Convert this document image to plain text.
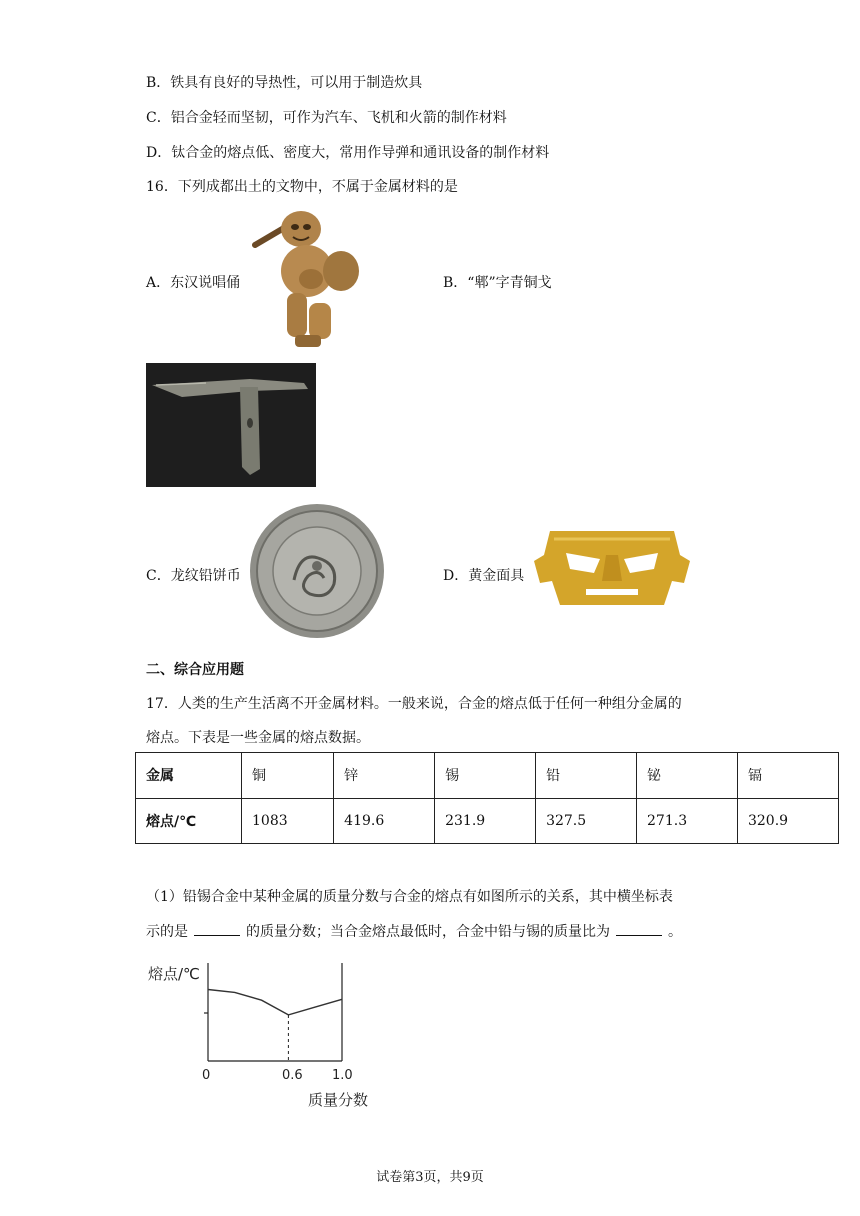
B．铁具有良好的导热性，可以用于制造炊具
C．铝合金轻而坚韧，可作为汽车、飞机和火箭的制作材料
D．钛合金的熔点低、密度大，常用作导弹和通讯设备的制作材料
16．下列成都出土的文物中，不属于金属材料的是
A．东汉说唱俑	B．“郫”字青铜戈
C．龙纹铅饼币	D．黄金面具
二、综合应用题
17．人类的生产生活离不开金属材料。一般来说，合金的熔点低于任何一种组分金属的
熔点。下表是一些金属的熔点数据。
金属	铜	锌	锡	铅	铋	镉
熔点/℃	1083	419.6	231.9	327.5	271.3	320.9
（1）铅锡合金中某种金属的质量分数与合金的熔点有如图所示的关系，其中横坐标表
示的是	的质量分数；当合金熔点最低时，合金中铅与锡的质量比为	。
熔点/℃
质量分数
0	0.6 1.0
试卷第3页，共9页
